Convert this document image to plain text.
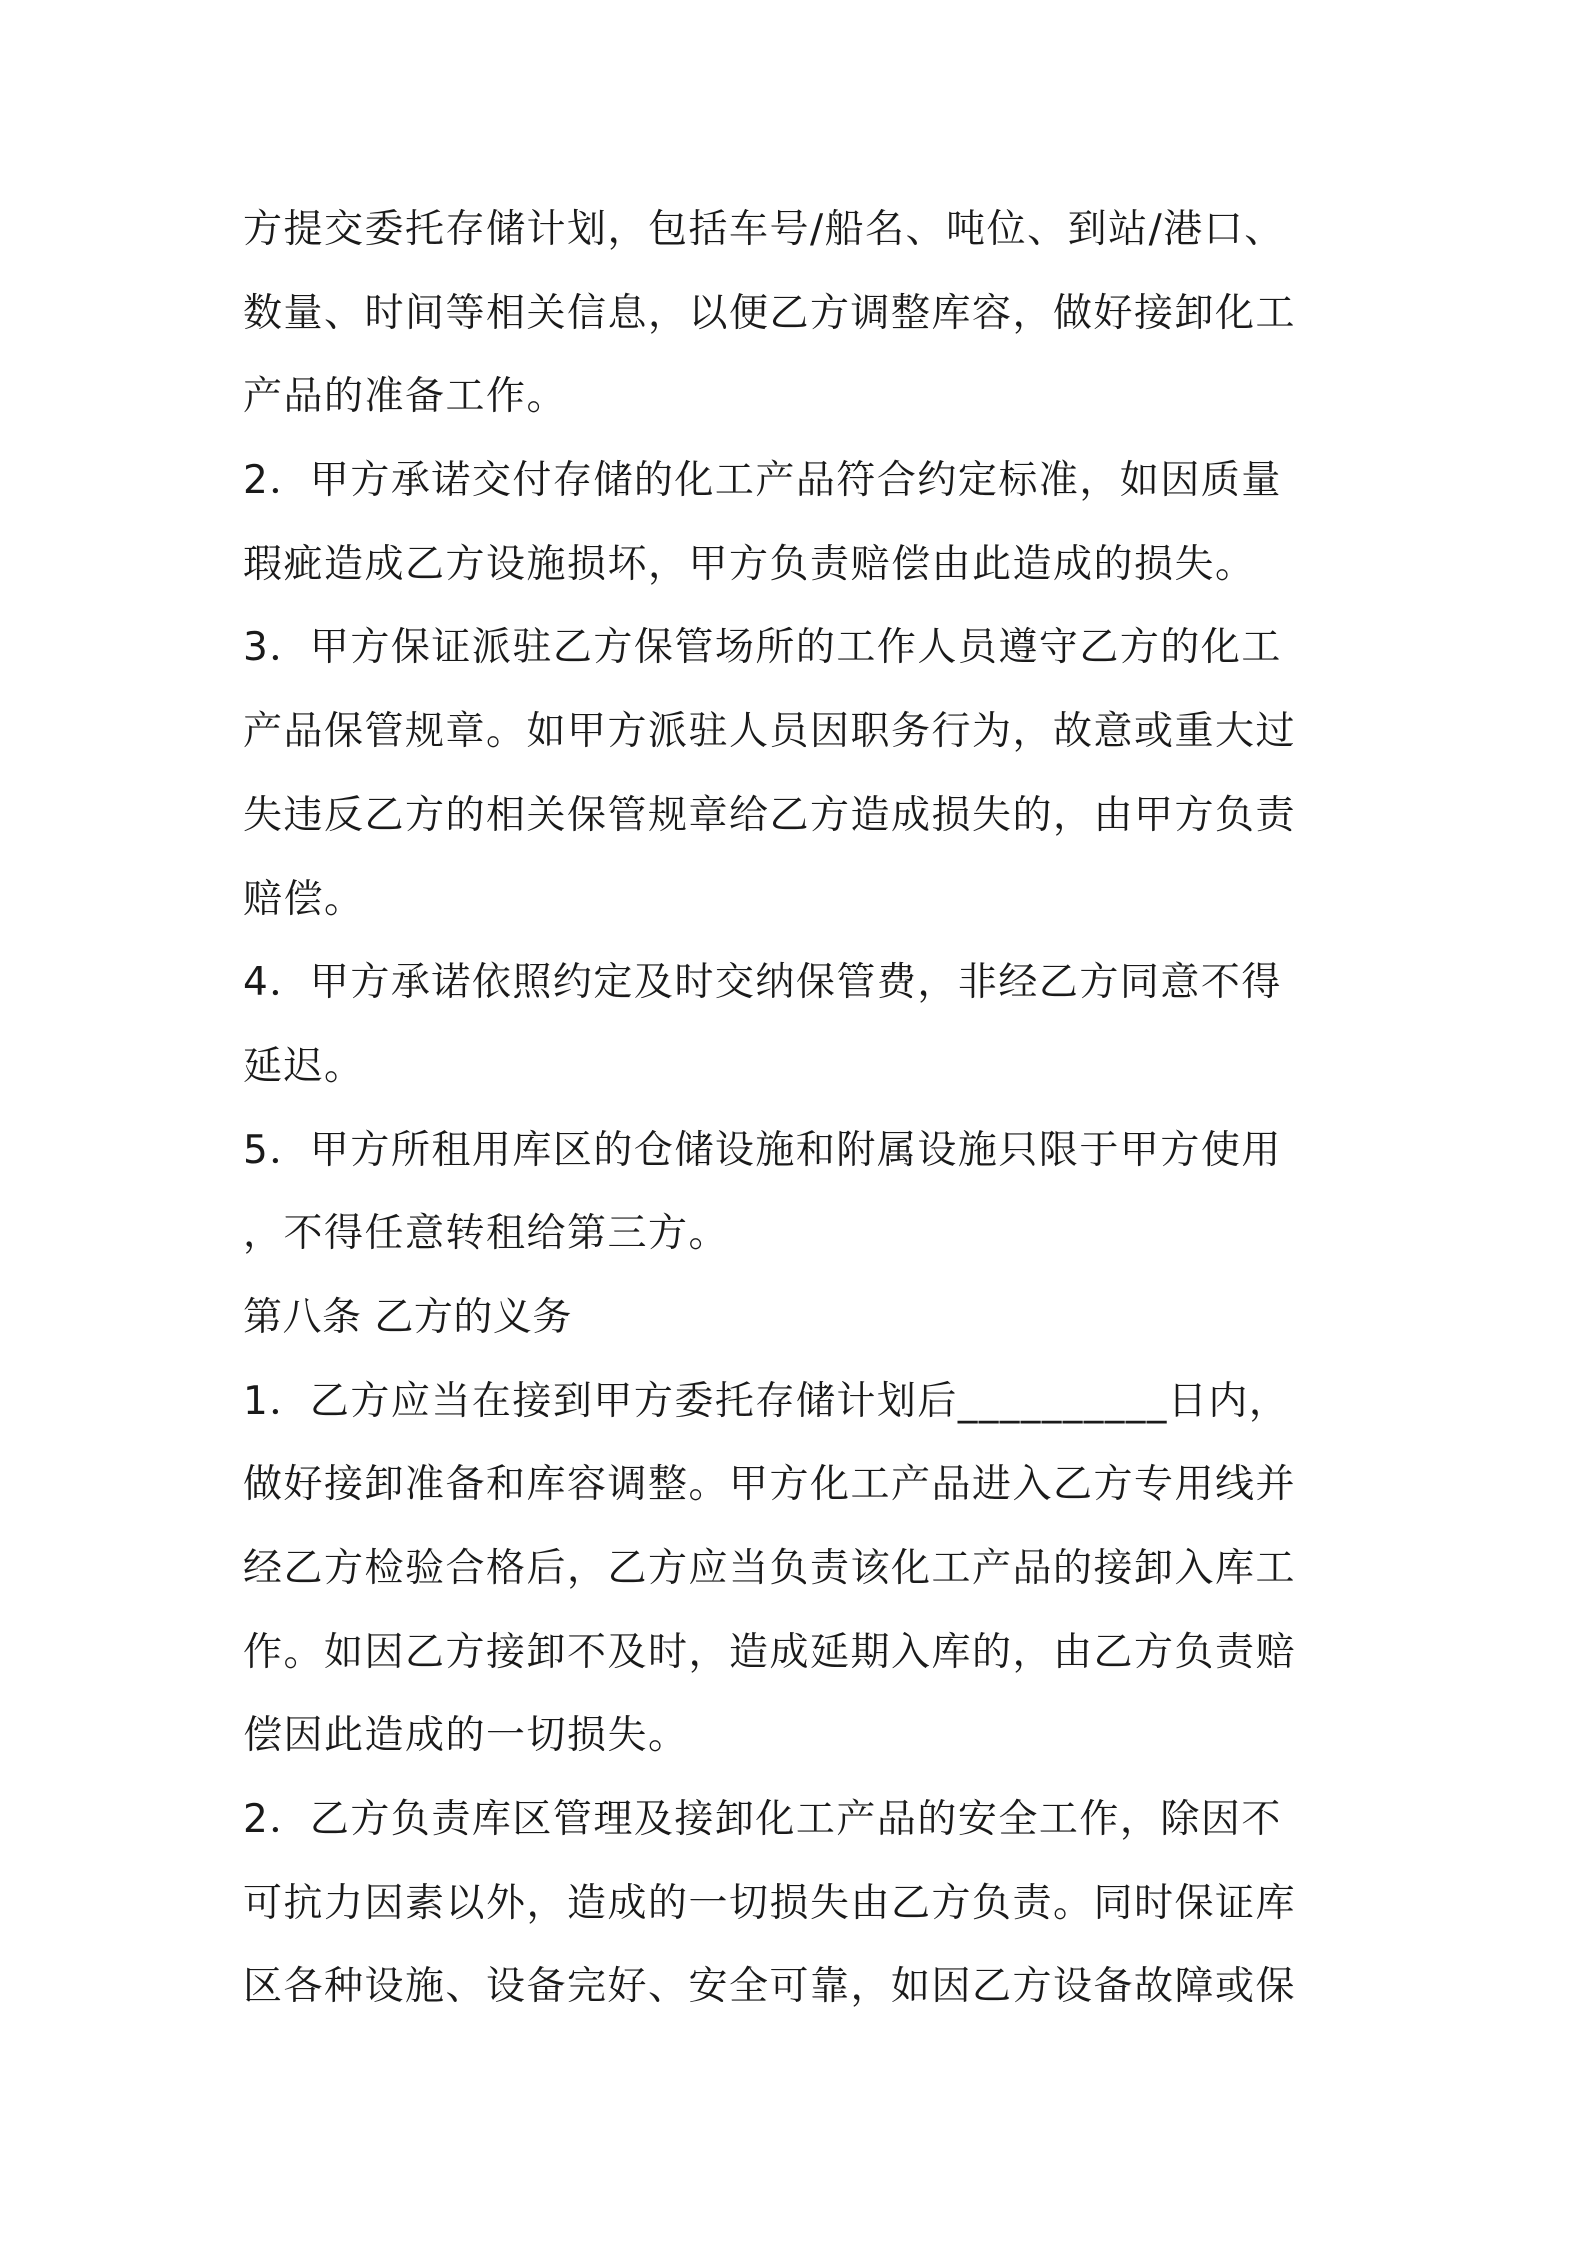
方提交委托存储计划，包括车号/船名、吨位、到站/港口、
数量、时间等相关信息，以便乙方调整库容，做好接卸化工
产品的准备工作。
2．甲方承诺交付存储的化工产品符合约定标准，如因质量
瑕疵造成乙方设施损坏，甲方负责赔偿由此造成的损失。
3．甲方保证派驻乙方保管场所的工作人员遵守乙方的化工
产品保管规章。如甲方派驻人员因职务行为，故意或重大过
失违反乙方的相关保管规章给乙方造成损失的，由甲方负责
赔偿。
4．甲方承诺依照约定及时交纳保管费，非经乙方同意不得
延迟。
5．甲方所租用库区的仓储设施和附属设施只限于甲方使用
，不得任意转租给第三方。
第八条 乙方的义务
1．乙方应当在接到甲方委托存储计划后__________日内，
做好接卸准备和库容调整。甲方化工产品进入乙方专用线并
经乙方检验合格后，乙方应当负责该化工产品的接卸入库工
作。如因乙方接卸不及时，造成延期入库的，由乙方负责赔
偿因此造成的一切损失。
2．乙方负责库区管理及接卸化工产品的安全工作，除因不
可抗力因素以外，造成的一切损失由乙方负责。同时保证库
区各种设施、设备完好、安全可靠，如因乙方设备故障或保
